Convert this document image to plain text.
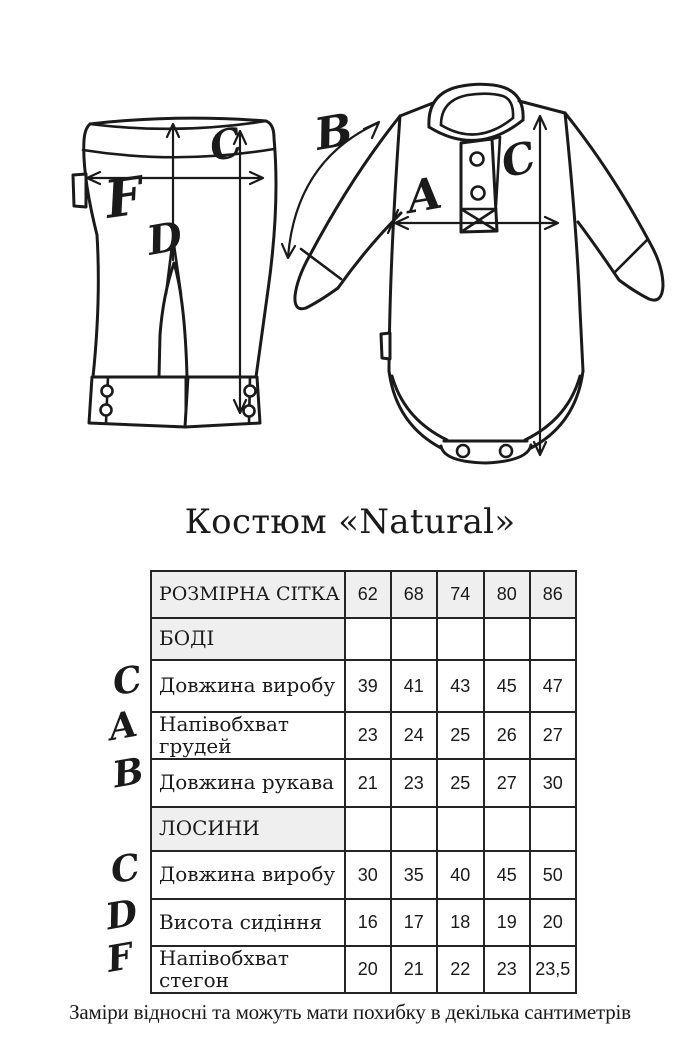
C
F
D
B
A
C
Костюм «Natural»
C
A
B
C
D
F
РОЗМІРНА СІТКА	62	68	74	80	86
БОДІ					
Довжина виробу	39	41	43	45	47
Напівобхват грудей	23	24	25	26	27
Довжина рукава	21	23	25	27	30
ЛОСИНИ					
Довжина виробу	30	35	40	45	50
Висота сидіння	16	17	18	19	20
Напівобхват стегон	20	21	22	23	23,5
Заміри відносні та можуть мати похибку в декілька сантиметрів
